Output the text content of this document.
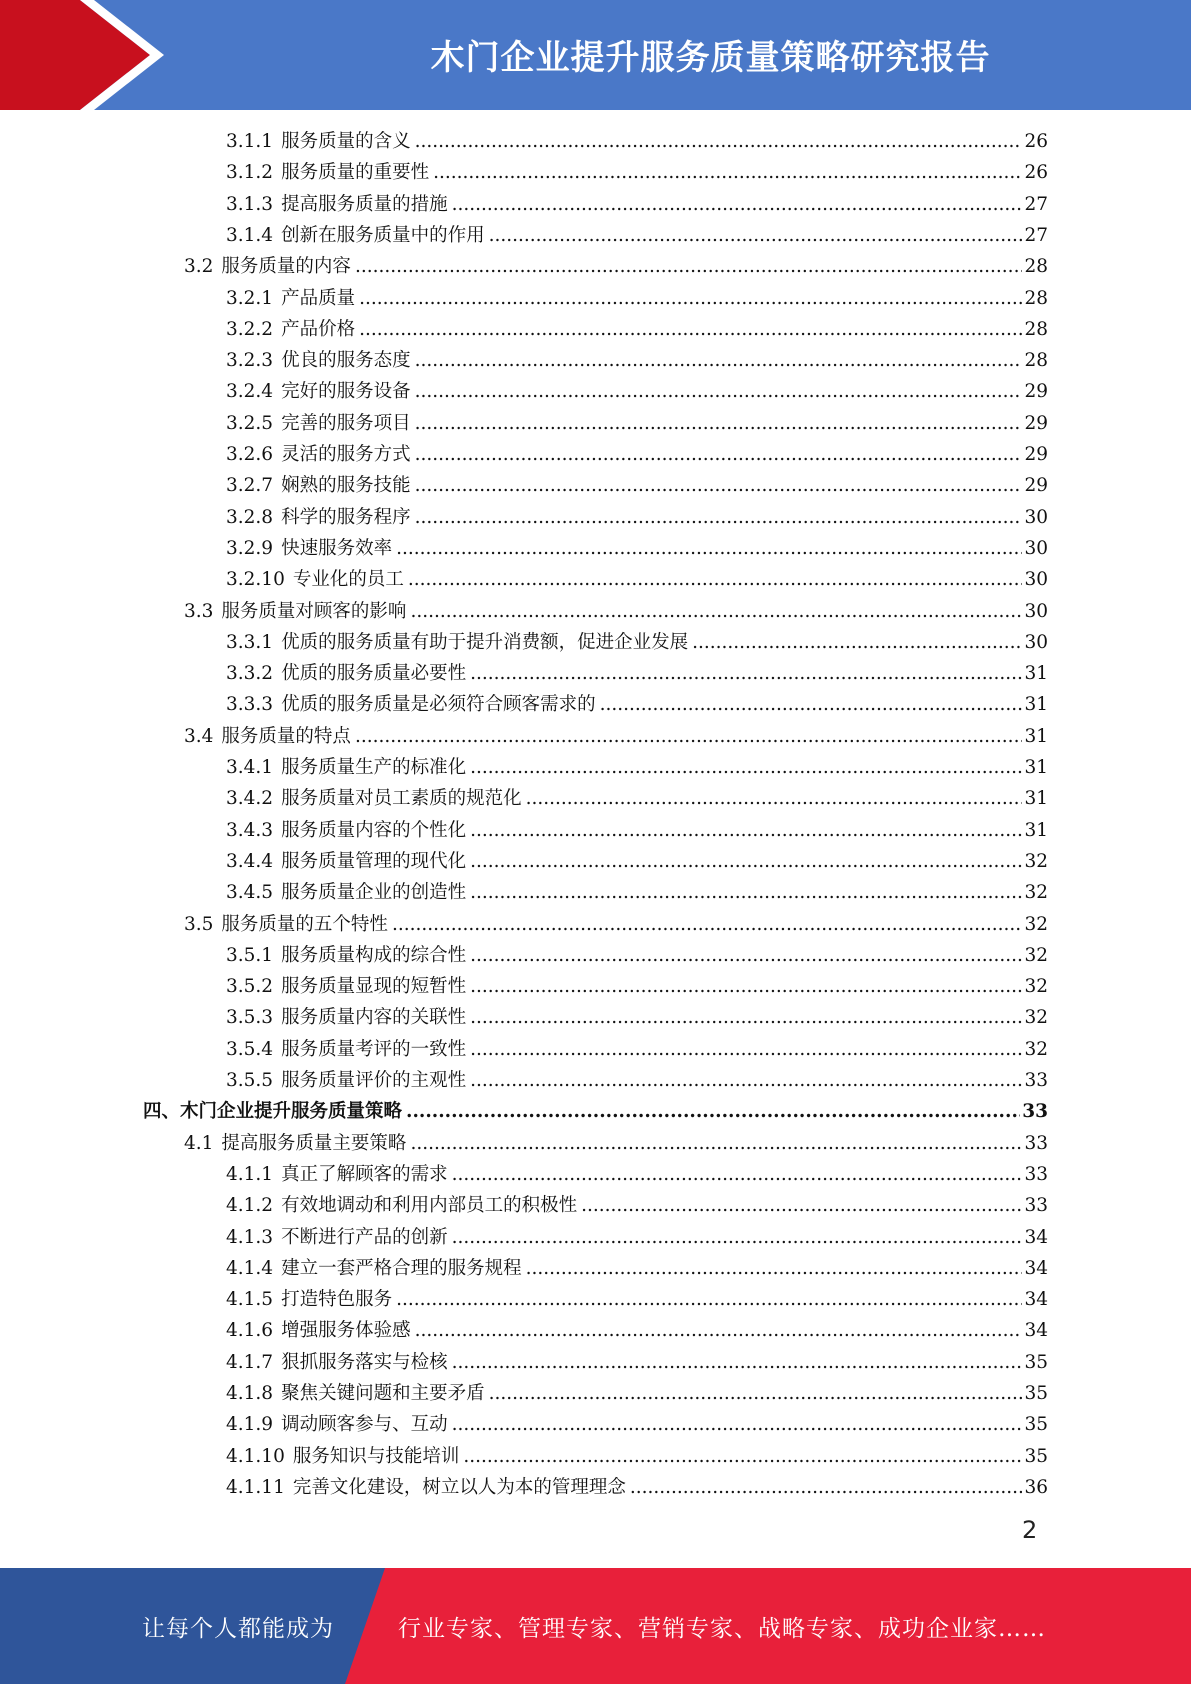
木门企业提升服务质量策略研究报告
3.1.1 服务质量的含义 .....	26
3.1.2 服务质量的重要性 .....	26
3.1.3 提高服务质量的措施 .....	27
3.1.4 创新在服务质量中的作用 .....	27
3.2 服务质量的内容 .....	28
3.2.1 产品质量 .....	28
3.2.2 产品价格 .....	28
3.2.3 优良的服务态度 .....	28
3.2.4 完好的服务设备 .....	29
3.2.5 完善的服务项目 .....	29
3.2.6 灵活的服务方式 .....	29
3.2.7 娴熟的服务技能 .....	29
3.2.8 科学的服务程序 .....	30
3.2.9 快速服务效率 .....	30
3.2.10 专业化的员工 .....	30
3.3 服务质量对顾客的影响 .....	30
3.3.1 优质的服务质量有助于提升消费额，促进企业发展 .....	30
3.3.2 优质的服务质量必要性 .....	31
3.3.3 优质的服务质量是必须符合顾客需求的 .....	31
3.4 服务质量的特点 .....	31
3.4.1 服务质量生产的标准化 .....	31
3.4.2 服务质量对员工素质的规范化 .....	31
3.4.3 服务质量内容的个性化 .....	31
3.4.4 服务质量管理的现代化 .....	32
3.4.5 服务质量企业的创造性 .....	32
3.5 服务质量的五个特性 .....	32
3.5.1 服务质量构成的综合性 .....	32
3.5.2 服务质量显现的短暂性 .....	32
3.5.3 服务质量内容的关联性 .....	32
3.5.4 服务质量考评的一致性 .....	32
3.5.5 服务质量评价的主观性 .....	33
四、木门企业提升服务质量策略 .....	33
4.1 提高服务质量主要策略 .....	33
4.1.1 真正了解顾客的需求 .....	33
4.1.2 有效地调动和利用内部员工的积极性 .....	33
4.1.3 不断进行产品的创新 .....	34
4.1.4 建立一套严格合理的服务规程 .....	34
4.1.5 打造特色服务 .....	34
4.1.6 增强服务体验感 .....	34
4.1.7 狠抓服务落实与检核 .....	35
4.1.8 聚焦关键问题和主要矛盾 .....	35
4.1.9 调动顾客参与、互动 .....	35
4.1.10 服务知识与技能培训 .....	35
4.1.11 完善文化建设，树立以人为本的管理理念 .....	36
2
让每个人都能成为	行业专家、管理专家、营销专家、战略专家、成功企业家……
